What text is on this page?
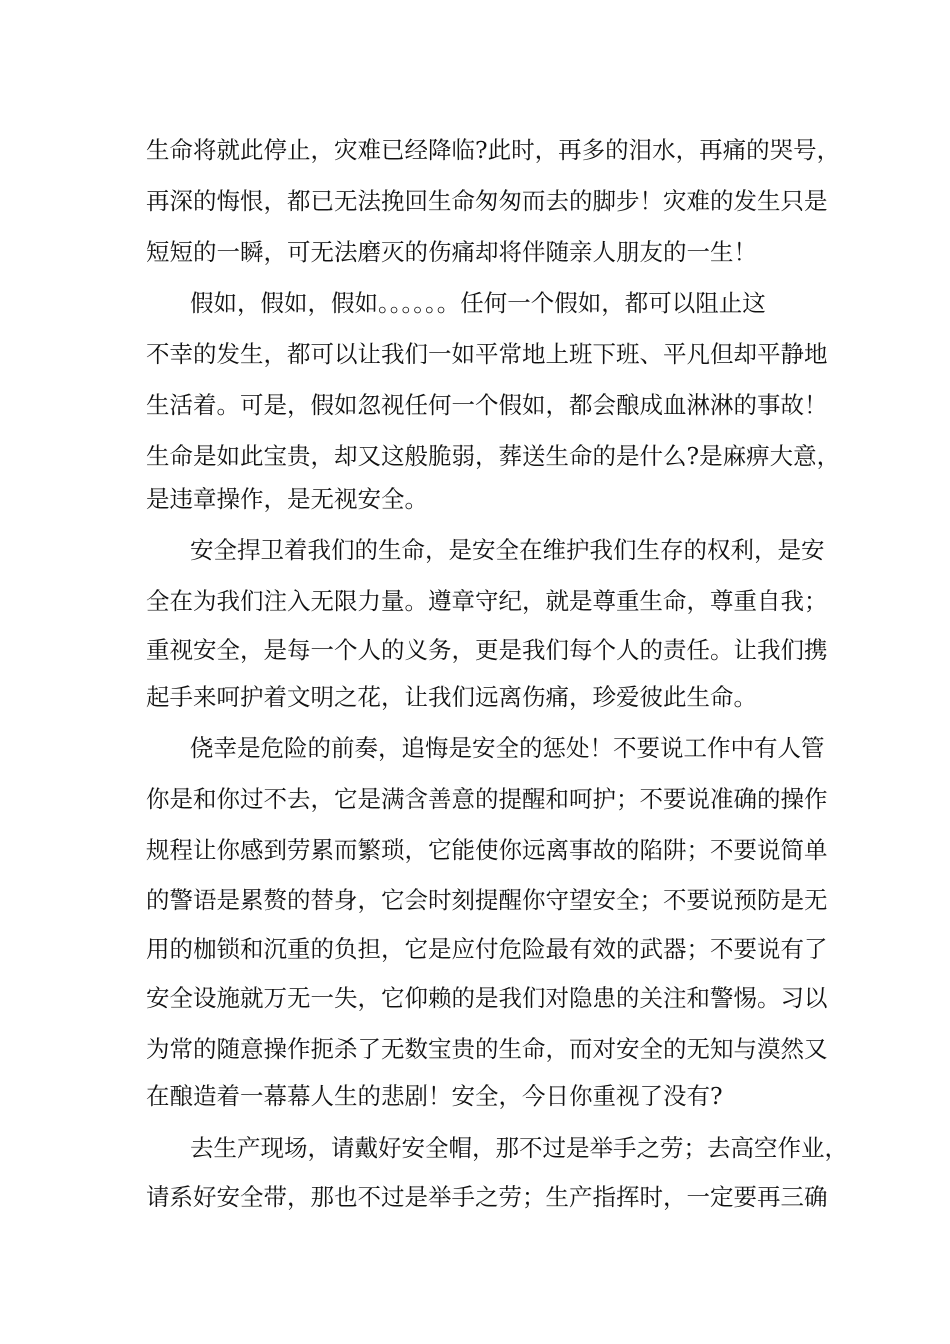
生命将就此停止，灾难已经降临?此时，再多的泪水，再痛的哭号，
再深的悔恨，都已无法挽回生命匆匆而去的脚步！灾难的发生只是
短短的一瞬，可无法磨灭的伤痛却将伴随亲人朋友的一生！
假如，假如，假如。。。。。。任何一个假如，都可以阻止这
不幸的发生，都可以让我们一如平常地上班下班、平凡但却平静地
生活着。可是，假如忽视任何一个假如，都会酿成血淋淋的事故！
生命是如此宝贵，却又这般脆弱，葬送生命的是什么?是麻痹大意，
是违章操作，是无视安全。
安全捍卫着我们的生命，是安全在维护我们生存的权利，是安
全在为我们注入无限力量。遵章守纪，就是尊重生命，尊重自我；
重视安全，是每一个人的义务，更是我们每个人的责任。让我们携
起手来呵护着文明之花，让我们远离伤痛，珍爱彼此生命。
侥幸是危险的前奏，追悔是安全的惩处！不要说工作中有人管
你是和你过不去，它是满含善意的提醒和呵护；不要说准确的操作
规程让你感到劳累而繁琐，它能使你远离事故的陷阱；不要说简单
的警语是累赘的替身，它会时刻提醒你守望安全；不要说预防是无
用的枷锁和沉重的负担，它是应付危险最有效的武器；不要说有了
安全设施就万无一失，它仰赖的是我们对隐患的关注和警惕。习以
为常的随意操作扼杀了无数宝贵的生命，而对安全的无知与漠然又
在酿造着一幕幕人生的悲剧！安全，今日你重视了没有?
去生产现场，请戴好安全帽，那不过是举手之劳；去高空作业，
请系好安全带，那也不过是举手之劳；生产指挥时，一定要再三确
